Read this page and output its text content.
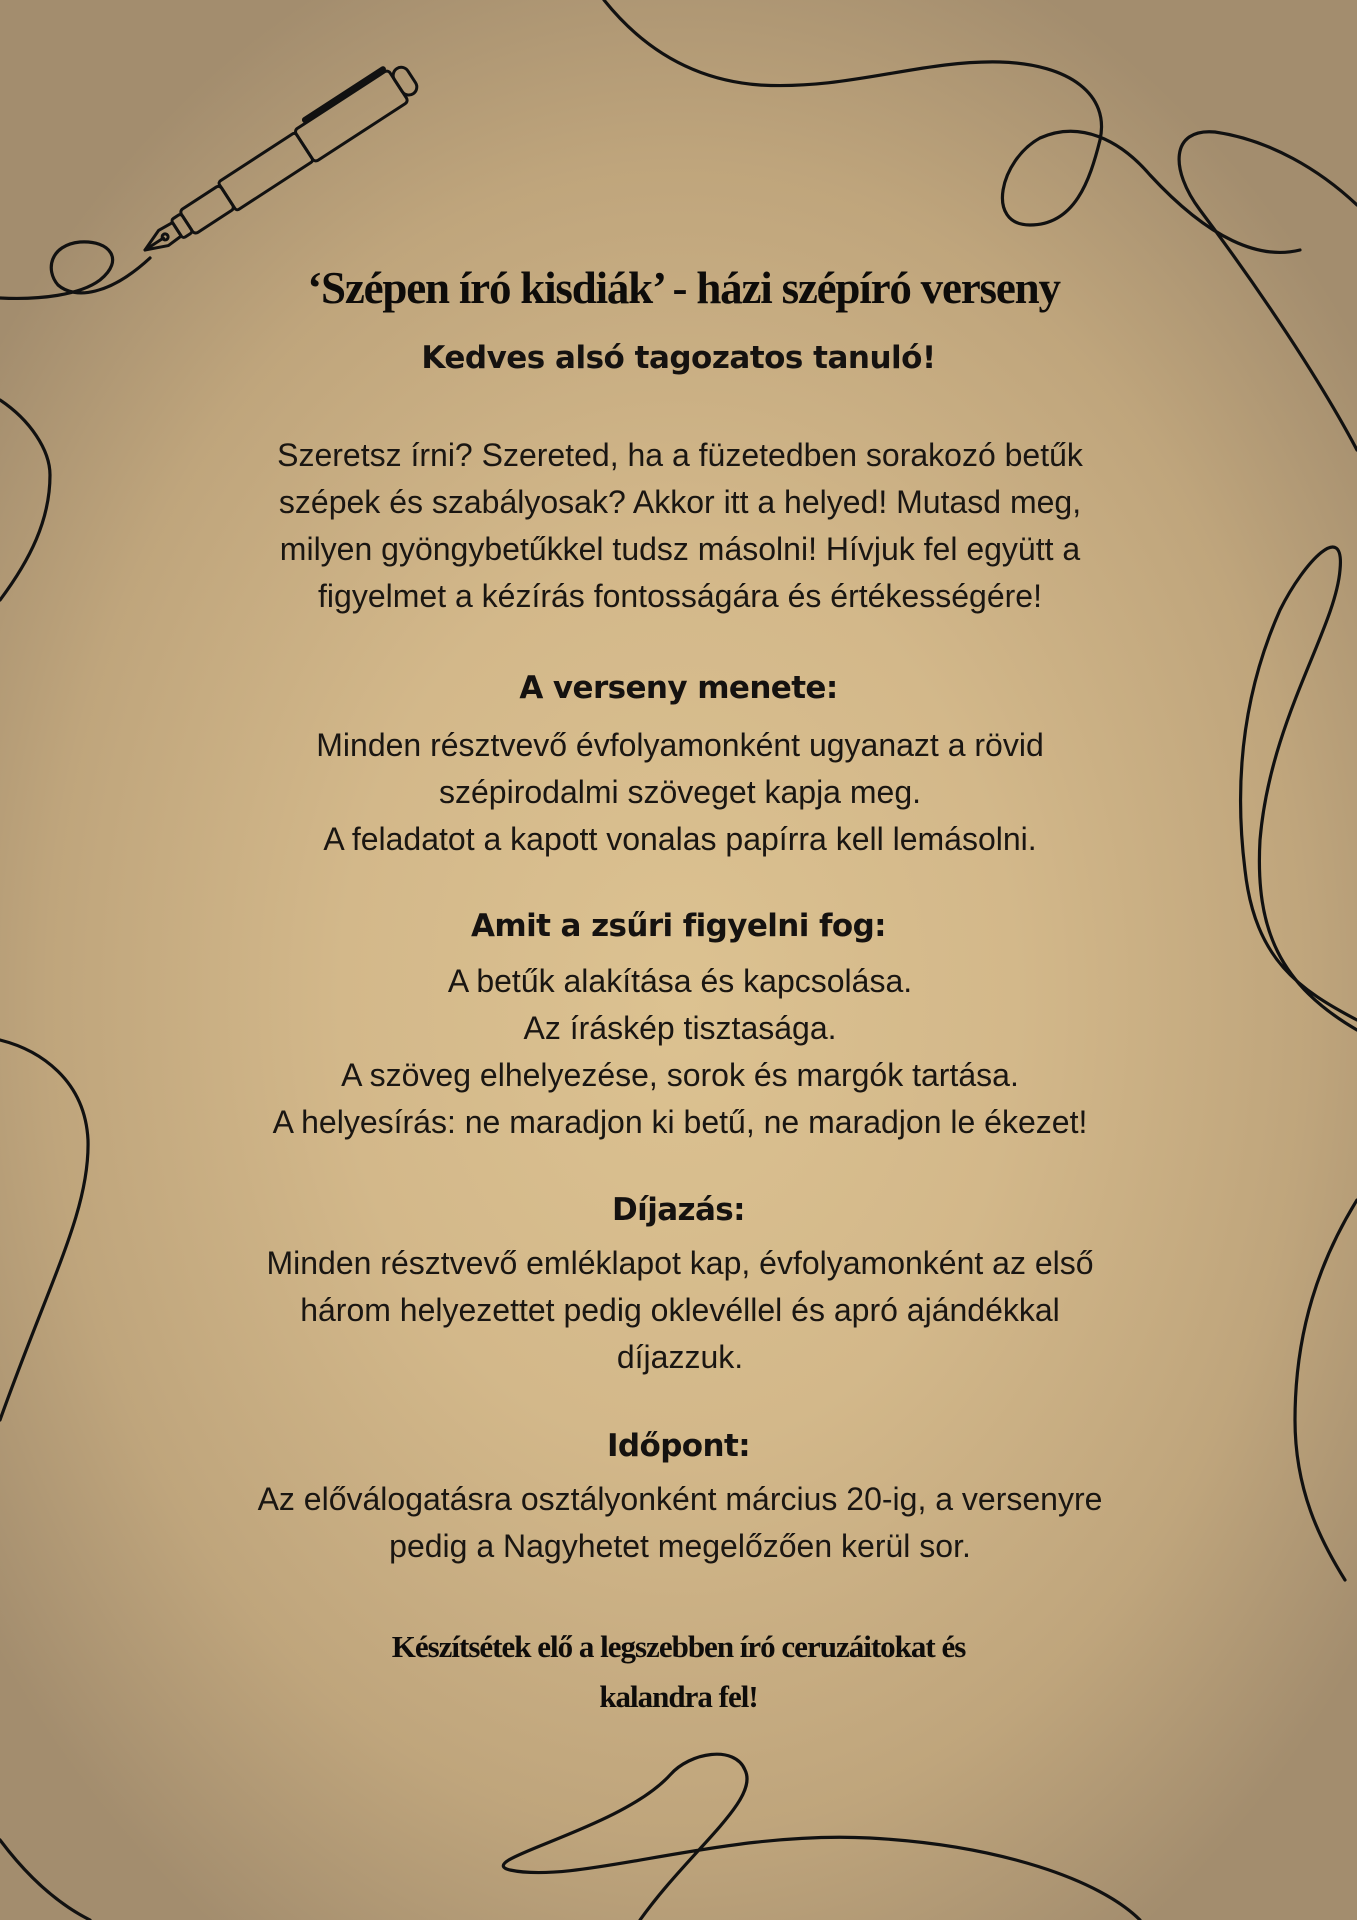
‘Szépen író kisdiák’ - házi szépíró verseny
Kedves alsó tagozatos tanuló!
Szeretsz írni? Szereted, ha a füzetedben sorakozó betűk
szépek és szabályosak? Akkor itt a helyed! Mutasd meg,
milyen gyöngybetűkkel tudsz másolni! Hívjuk fel együtt a
figyelmet a kézírás fontosságára és értékességére!
A verseny menete:
Minden résztvevő évfolyamonként ugyanazt a rövid
szépirodalmi szöveget kapja meg.
A feladatot a kapott vonalas papírra kell lemásolni.
Amit a zsűri figyelni fog:
A betűk alakítása és kapcsolása.
Az íráskép tisztasága.
A szöveg elhelyezése, sorok és margók tartása.
A helyesírás: ne maradjon ki betű, ne maradjon le ékezet!
Díjazás:
Minden résztvevő emléklapot kap, évfolyamonként az első
három helyezettet pedig oklevéllel és apró ajándékkal
díjazzuk.
Időpont:
Az előválogatásra osztályonként március 20-ig, a versenyre
pedig a Nagyhetet megelőzően kerül sor.
Készítsétek elő a legszebben író ceruzáitokat és
kalandra fel!
